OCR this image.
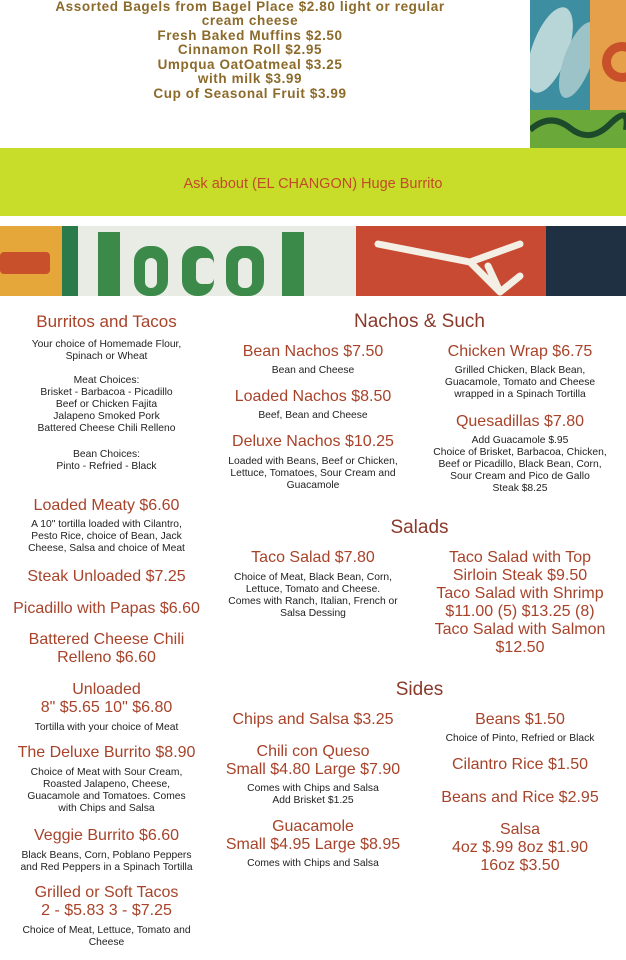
Assorted Bagels from Bagel Place $2.80 light or regular
cream cheese
Fresh Baked Muffins $2.50
Cinnamon Roll $2.95
Umpqua OatOatmeal $3.25
with milk $3.99
Cup of Seasonal Fruit $3.99
Ask about (EL CHANGON) Huge Burrito
Burritos and Tacos
Your choice of Homemade Flour,
Spinach or Wheat
Meat Choices:
Brisket - Barbacoa - Picadillo
Beef or Chicken Fajita
Jalapeno Smoked Pork
Battered Cheese Chili Relleno
Bean Choices:
Pinto - Refried - Black
Loaded Meaty $6.60
A 10" tortilla loaded with Cilantro,
Pesto Rice, choice of Bean, Jack
Cheese, Salsa and choice of Meat
Steak Unloaded $7.25
Picadillo with Papas $6.60
Battered Cheese Chili
Relleno $6.60
Unloaded
8" $5.65 10" $6.80
Tortilla with your choice of Meat
The Deluxe Burrito $8.90
Choice of Meat with Sour Cream,
Roasted Jalapeno, Cheese,
Guacamole and Tomatoes. Comes
with Chips and Salsa
Veggie Burrito $6.60
Black Beans, Corn, Poblano Peppers
and Red Peppers in a Spinach Tortilla
Grilled or Soft Tacos
2 - $5.83 3 - $7.25
Choice of Meat, Lettuce, Tomato and
Cheese
Nachos & Such
Bean Nachos $7.50
Bean and Cheese
Loaded Nachos $8.50
Beef, Bean and Cheese
Deluxe Nachos $10.25
Loaded with Beans, Beef or Chicken,
Lettuce, Tomatoes, Sour Cream and
Guacamole
Chicken Wrap $6.75
Grilled Chicken, Black Bean,
Guacamole, Tomato and Cheese
wrapped in a Spinach Tortilla
Quesadillas $7.80
Add Guacamole $.95
Choice of Brisket, Barbacoa, Chicken,
Beef or Picadillo, Black Bean, Corn,
Sour Cream and Pico de Gallo
Steak $8.25
Salads
Taco Salad $7.80
Choice of Meat, Black Bean, Corn,
Lettuce, Tomato and Cheese.
Comes with Ranch, Italian, French or
Salsa Dessing
Taco Salad with Top
Sirloin Steak $9.50
Taco Salad with Shrimp
$11.00 (5) $13.25 (8)
Taco Salad with Salmon
$12.50
Sides
Chips and Salsa $3.25
Chili con Queso
Small $4.80 Large $7.90
Comes with Chips and Salsa
Add Brisket $1.25
Guacamole
Small $4.95 Large $8.95
Comes with Chips and Salsa
Beans $1.50
Choice of Pinto, Refried or Black
Cilantro Rice $1.50
Beans and Rice $2.95
Salsa
4oz $.99 8oz $1.90
16oz $3.50
